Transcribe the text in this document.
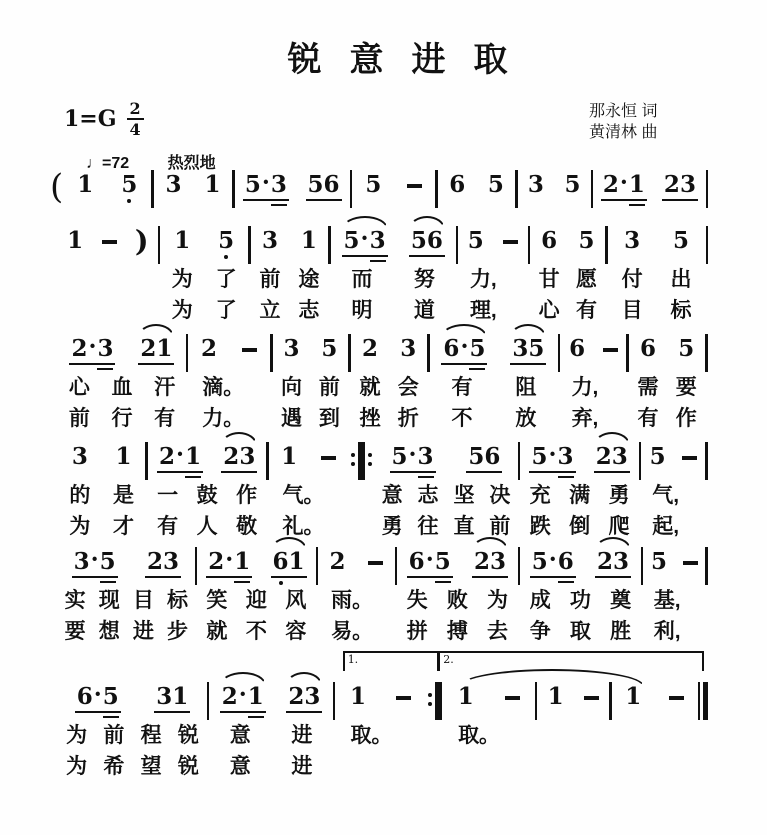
锐意进取
$1=G \frac{2}{4}$	那永恒 词
黄清林 曲
♩=72 热烈地
( 1 5 3 1 5 · 3 5 6 5	6 5 3 5 2 · 1 2 3
1 ) 1 5
为 了
为 了
3 1
前 途
立 志
5 · 3 5 6
而 努
明 道
5
力,
理,
6 5
甘 愿
心 有
3 5
付 出
目 标
2 · 3 2 1
心 血 汗
前 行 有
2
滴。
力。
3 5
向 前
遇 到
2 3
就 会
挫 折
6 · 5 3 5
有 阻
不 放
6
力,
弃,
6 5
需 要
有 作
3 1
的 是
为 才
2 · 1 2 3
一 鼓 作
有 人 敬
1
气。
礼。
5 · 3 5 6
意 志 坚 决
勇 往 直 前
5 · 3 2 3
充 满 勇
跌 倒 爬
5
气,
起,
3 · 5 2 3
实 现 目 标
要 想 进 步
2 · 1 6 1
笑 迎 风
就 不 容
2
雨。
易。
6 · 5 2 3
失 败 为
拼 搏 去
5 · 6 2 3
成 功 奠
争 取 胜
5
基,
利,
6 · 5 3 1
为 前 程 锐
为 希 望 锐
2 · 1 2 3
意 进
意 进
1
取。
1
取。
1	1
1.	2.
